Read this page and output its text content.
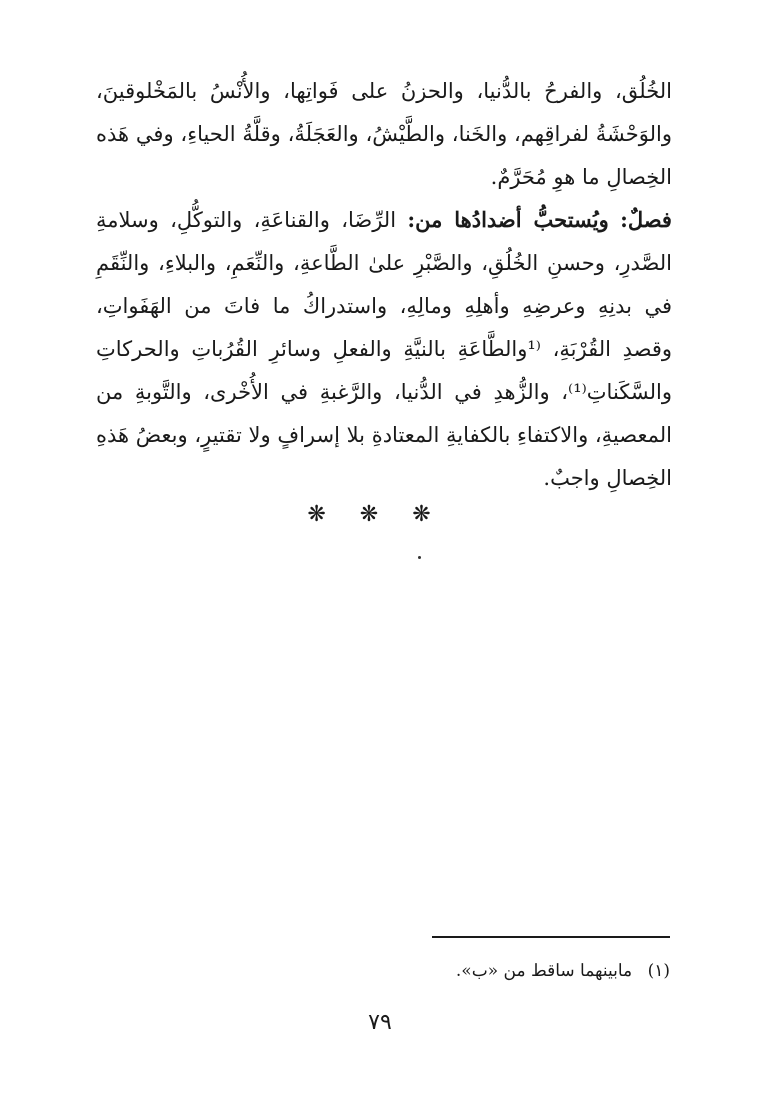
الخُلُق، والفرحُ بالدُّنيا، والحزنُ على فَواتِها، والأُنْسُ بالمَخْلوقينَ، والوَحْشَةُ لفراقِهم، والخَنا، والطَّيْشُ، والعَجَلَةُ، وقلَّةُ الحياءِ، وفي هَذه الخِصالِ ما هوِ مُحَرَّمٌ.

فصلٌ: ويُستحبُّ أضدادُها من: الرِّضَا، والقناعَةِ، والتوكُّلِ، وسلامةِ الصَّدرِ، وحسنِ الخُلُقِ، والصَّبْرِ علىٰ الطَّاعةِ، والنِّعَمِ، والبلاءِ، والنِّقَمِ في بدنِهِ وعرضِهِ وأهلِهِ ومالِهِ، واستدراكُ ما فاتَ من الهَفَواتِ، وقصدِ القُرْبَةِ، ⁽¹والطَّاعَةِ بالنيَّةِ والفعلِ وسائرِ القُرُباتِ والحركاتِ والسَّكَناتِ⁽¹⁾، والزُّهدِ في الدُّنيا، والرَّغبةِ في الأُخْرى، والتَّوبةِ من المعصيةِ، والاكتفاءِ بالكفايةِ المعتادةِ بلا إسرافٍ ولا تقتيرٍ، وبعضُ هَذهِ الخِصالِ واجبٌ.

❋ ❋ ❋
(١) مابينهما ساقط من «ب».
٧٩
